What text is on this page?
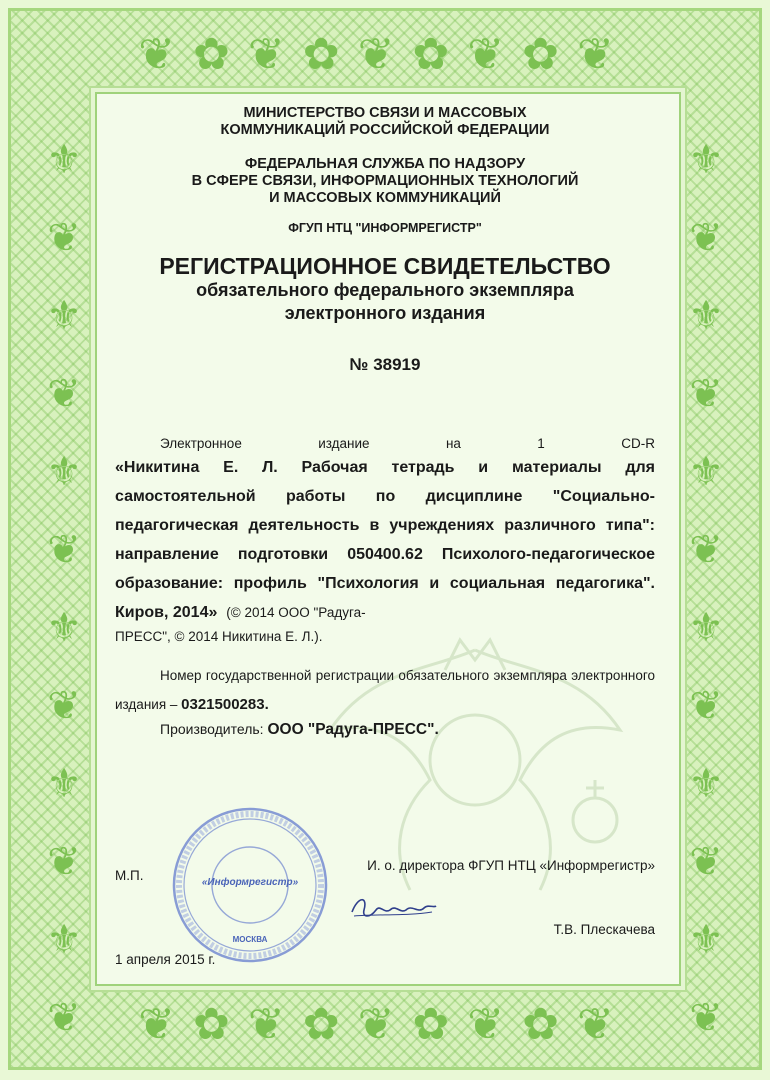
❦✿❦✿❦✿❦✿❦
❦✿❦✿❦✿❦✿❦
⚜
❦
⚜
❦
⚜
❦
⚜
❦
⚜
❦
⚜
❦
⚜
❦
⚜
❦
⚜
❦
⚜
❦
⚜
❦
⚜
❦
МИНИСТЕРСТВО СВЯЗИ И МАССОВЫХ
КОММУНИКАЦИЙ РОССИЙСКОЙ ФЕДЕРАЦИИ
ФЕДЕРАЛЬНАЯ СЛУЖБА ПО НАДЗОРУ
В СФЕРЕ СВЯЗИ, ИНФОРМАЦИОННЫХ ТЕХНОЛОГИЙ
И МАССОВЫХ КОММУНИКАЦИЙ
ФГУП НТЦ "ИНФОРМРЕГИСТР"
РЕГИСТРАЦИОННОЕ СВИДЕТЕЛЬСТВО
обязательного федерального экземпляра
электронного издания
№ 38919
Электронное	издание	на	1	CD-R
«Никитина Е. Л. Рабочая тетрадь и материалы для самостоятельной работы по дисциплине "Социально-педагогическая деятельность в учреждениях различного типа": направление подготовки 050400.62 Психолого-педагогическое образование: профиль "Психология и социальная педагогика". Киров, 2014» (© 2014 ООО "Радуга-
ПРЕСС", © 2014 Никитина Е. Л.).
Номер государственной регистрации обязательного экземпляра электронного издания – 0321500283.
Производитель: ООО "Радуга-ПРЕСС".
«Информрегистр»
МОСКВА
И. о. директора ФГУП НТЦ «Информрегистр»
М.П.
Т.В. Плескачева
1 апреля 2015 г.
